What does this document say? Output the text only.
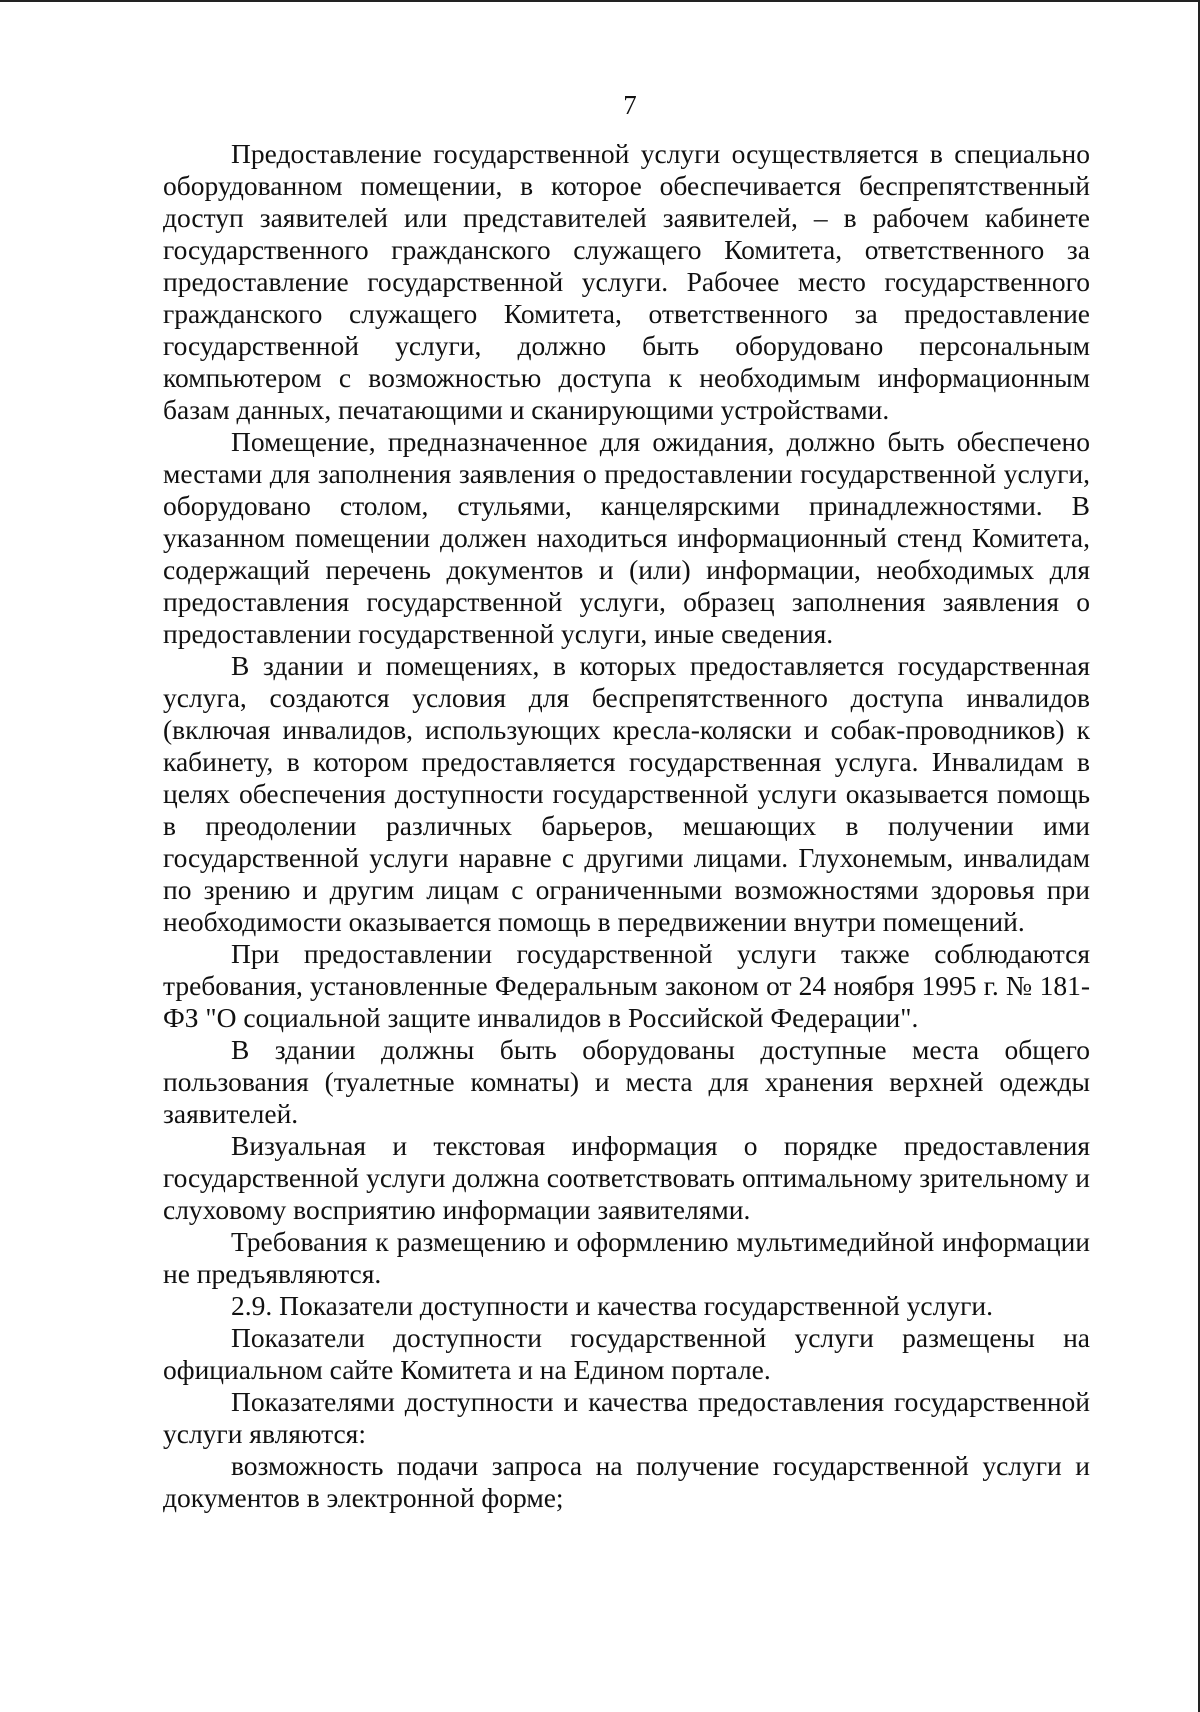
7

Предоставление государственной услуги осуществляется в специально оборудованном помещении, в которое обеспечивается беспрепятственный доступ заявителей или представителей заявителей, – в рабочем кабинете государственного гражданского служащего Комитета, ответственного за предоставление государственной услуги. Рабочее место государственного гражданского служащего Комитета, ответственного за предоставление государственной услуги, должно быть оборудовано персональным компьютером с возможностью доступа к необходимым информационным базам данных, печатающими и сканирующими устройствами.

Помещение, предназначенное для ожидания, должно быть обеспечено местами для заполнения заявления о предоставлении государственной услуги, оборудовано столом, стульями, канцелярскими принадлежностями. В указанном помещении должен находиться информационный стенд Комитета, содержащий перечень документов и (или) информации, необходимых для предоставления государственной услуги, образец заполнения заявления о предоставлении государственной услуги, иные сведения.

В здании и помещениях, в которых предоставляется государственная услуга, создаются условия для беспрепятственного доступа инвалидов (включая инвалидов, использующих кресла-коляски и собак-проводников) к кабинету, в котором предоставляется государственная услуга. Инвалидам в целях обеспечения доступности государственной услуги оказывается помощь в преодолении различных барьеров, мешающих в получении ими государственной услуги наравне с другими лицами. Глухонемым, инвалидам по зрению и другим лицам с ограниченными возможностями здоровья при необходимости оказывается помощь в передвижении внутри помещений.

При предоставлении государственной услуги также соблюдаются требования, установленные Федеральным законом от 24 ноября 1995 г. № 181-ФЗ "О социальной защите инвалидов в Российской Федерации".

В здании должны быть оборудованы доступные места общего пользования (туалетные комнаты) и места для хранения верхней одежды заявителей.

Визуальная и текстовая информация о порядке предоставления государственной услуги должна соответствовать оптимальному зрительному и слуховому восприятию информации заявителями.

Требования к размещению и оформлению мультимедийной информации не предъявляются.

2.9. Показатели доступности и качества государственной услуги.

Показатели доступности государственной услуги размещены на официальном сайте Комитета и на Едином портале.

Показателями доступности и качества предоставления государственной услуги являются:

возможность подачи запроса на получение государственной услуги и документов в электронной форме;
